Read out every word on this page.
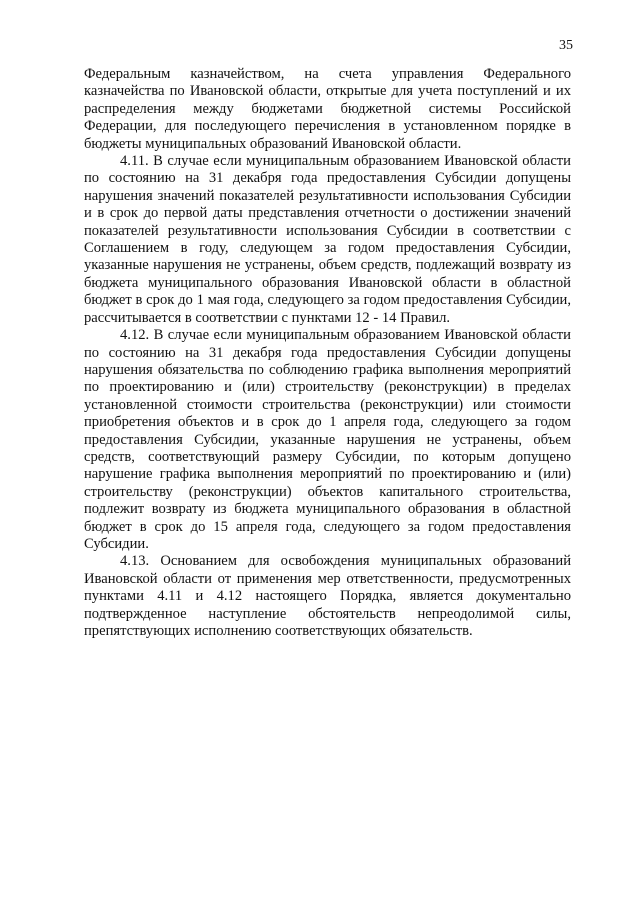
35

Федеральным казначейством, на счета управления Федерального казначейства по Ивановской области, открытые для учета поступлений и их распределения между бюджетами бюджетной системы Российской Федерации, для последующего перечисления в установленном порядке в бюджеты муниципальных образований Ивановской области.

4.11. В случае если муниципальным образованием Ивановской области по состоянию на 31 декабря года предоставления Субсидии допущены нарушения значений показателей результативности использования Субсидии и в срок до первой даты представления отчетности о достижении значений показателей результативности использования Субсидии в соответствии с Соглашением в году, следующем за годом предоставления Субсидии, указанные нарушения не устранены, объем средств, подлежащий возврату из бюджета муниципального образования Ивановской области в областной бюджет в срок до 1 мая года, следующего за годом предоставления Субсидии, рассчитывается в соответствии с пунктами 12 - 14 Правил.

4.12. В случае если муниципальным образованием Ивановской области по состоянию на 31 декабря года предоставления Субсидии допущены нарушения обязательства по соблюдению графика выполнения мероприятий по проектированию и (или) строительству (реконструкции) в пределах установленной стоимости строительства (реконструкции) или стоимости приобретения объектов и в срок до 1 апреля года, следующего за годом предоставления Субсидии, указанные нарушения не устранены, объем средств, соответствующий размеру Субсидии, по которым допущено нарушение графика выполнения мероприятий по проектированию и (или) строительству (реконструкции) объектов капитального строительства, подлежит возврату из бюджета муниципального образования в областной бюджет в срок до 15 апреля года, следующего за годом предоставления Субсидии.

4.13. Основанием для освобождения муниципальных образований Ивановской области от применения мер ответственности, предусмотренных пунктами 4.11 и 4.12 настоящего Порядка, является документально подтвержденное наступление обстоятельств непреодолимой силы, препятствующих исполнению соответствующих обязательств.
